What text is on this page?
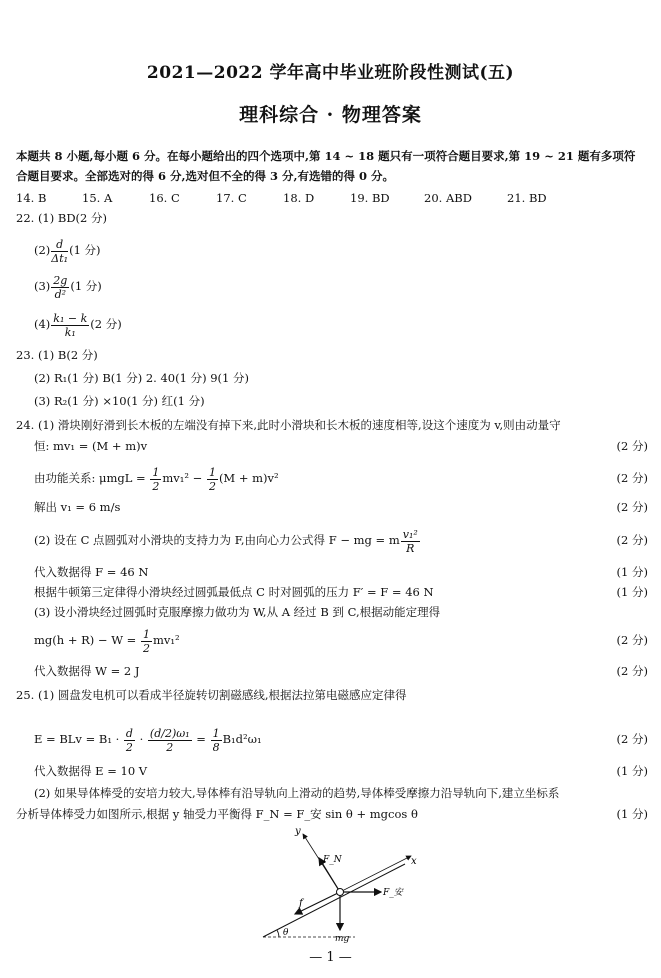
2021—2022 学年高中毕业班阶段性测试(五)
理科综合 · 物理答案
本题共 8 小题,每小题 6 分。在每小题给出的四个选项中,第 14 ~ 18 题只有一项符合题目要求,第 19 ~ 21 题有多项符合题目要求。全部选对的得 6 分,选对但不全的得 3 分,有选错的得 0 分。
14. B	15. A	16. C	17. C	18. D	19. BD	20. ABD	21. BD
22. (1) BD(2 分)
$(2) \frac{d}{\text{Δt₁}} (1$ 分)
$(3) \frac{2g}{\text{d²}} (1$ 分)
$(4) \frac{\text{k₁ − k}}{\text{k₁}} (2$ 分)
23. (1) B(2 分)
(2) R₁(1 分) B(1 分) 2. 40(1 分) 9(1 分)
(3) R₂(1 分) ×10(1 分) 红(1 分)
24. (1) 滑块刚好滑到长木板的左端没有掉下来,此时小滑块和长木板的速度相等,设这个速度为 v,则由动量守
恒: mv₁ = (M + m)v	(2 分)
由功能关系: $\mu mgL = \frac{1}{2} mv_1^2 - \frac{1}{2} (M + m)v^2$	(2 分)
解出 v₁ = 6 m/s	(2 分)
(2) 设在 C 点圆弧对小滑块的支持力为 F,由向心力公式得 F − mg = m $\frac{\text{v₁²}}{R}$	(2 分)
代入数据得 F = 46 N	(1 分)
根据牛顿第三定律得小滑块经过圆弧最低点 C 时对圆弧的压力 F′ = F = 46 N	(1 分)
(3) 设小滑块经过圆弧时克服摩擦力做功为 W,从 A 经过 B 到 C,根据动能定理得
$mg(h + R) - W = \frac{1}{2} mv_1^2$	(2 分)
代入数据得 W = 2 J	(2 分)
25. (1) 圆盘发电机可以看成半径旋转切割磁感线,根据法拉第电磁感应定律得
E = BLv = $B_1 \cdot \frac{d}{2} \cdot \frac{\text{(d/2)ω₁}}{2} = \frac{1}{8} B_1d^2\omega_1$	(2 分)
代入数据得 E = 10 V	(1 分)
(2) 如果导体棒受的安培力较大,导体棒有沿导轨向上滑动的趋势,导体棒受摩擦力沿导轨向下,建立坐标系
分析导体棒受力如图所示,根据 y 轴受力平衡得 F_N = F_安 sin θ + mgcos θ	(1 分)
y
x
F_N
F_安
f
mg
θ
— 1 —
